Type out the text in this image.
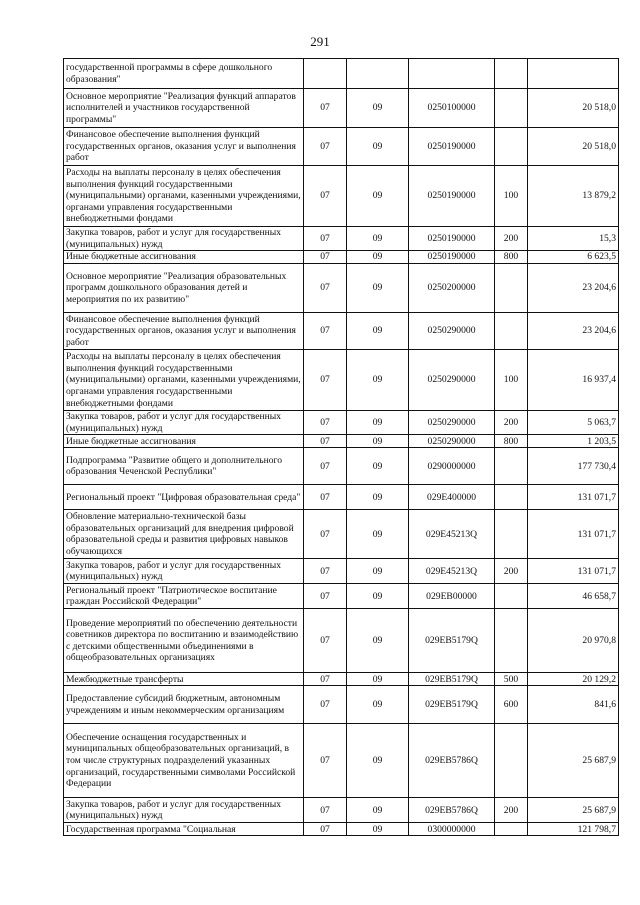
291
государственной программы в сфере дошкольного образования"					
Основное мероприятие "Реализация функций аппаратов исполнителей и участников государственной программы"	07	09	0250100000		20 518,0
Финансовое обеспечение выполнения функций государственных органов, оказания услуг и выполнения работ	07	09	0250190000		20 518,0
Расходы на выплаты персоналу в целях обеспечения выполнения функций государственными (муниципальными) органами, казенными учреждениями, органами управления государственными внебюджетными фондами	07	09	0250190000	100	13 879,2
Закупка товаров, работ и услуг для государственных (муниципальных) нужд	07	09	0250190000	200	15,3
Иные бюджетные ассигнования	07	09	0250190000	800	6 623,5
Основное мероприятие "Реализация образовательных программ дошкольного образования детей и мероприятия по их развитию"	07	09	0250200000		23 204,6
Финансовое обеспечение выполнения функций государственных органов, оказания услуг и выполнения работ	07	09	0250290000		23 204,6
Расходы на выплаты персоналу в целях обеспечения выполнения функций государственными (муниципальными) органами, казенными учреждениями, органами управления государственными внебюджетными фондами	07	09	0250290000	100	16 937,4
Закупка товаров, работ и услуг для государственных (муниципальных) нужд	07	09	0250290000	200	5 063,7
Иные бюджетные ассигнования	07	09	0250290000	800	1 203,5
Подпрограмма "Развитие общего и дополнительного образования Чеченской Республики"	07	09	0290000000		177 730,4
Региональный проект "Цифровая образовательная среда"	07	09	029E400000		131 071,7
Обновление материально-технической базы образовательных организаций для внедрения цифровой образовательной среды и развития цифровых навыков обучающихся	07	09	029E45213Q		131 071,7
Закупка товаров, работ и услуг для государственных (муниципальных) нужд	07	09	029E45213Q	200	131 071,7
Региональный проект "Патриотическое воспитание граждан Российской Федерации"	07	09	029EB00000		46 658,7
Проведение мероприятий по обеспечению деятельности советников директора по воспитанию и взаимодействию с детскими общественными объединениями в общеобразовательных организациях	07	09	029EB5179Q		20 970,8
Межбюджетные трансферты	07	09	029EB5179Q	500	20 129,2
Предоставление субсидий бюджетным, автономным учреждениям и иным некоммерческим организациям	07	09	029EB5179Q	600	841,6
Обеспечение оснащения государственных и муниципальных общеобразовательных организаций, в том числе структурных подразделений указанных организаций, государственными символами Российской Федерации	07	09	029EB5786Q		25 687,9
Закупка товаров, работ и услуг для государственных (муниципальных) нужд	07	09	029EB5786Q	200	25 687,9
Государственная программа "Социальная	07	09	0300000000		121 798,7
